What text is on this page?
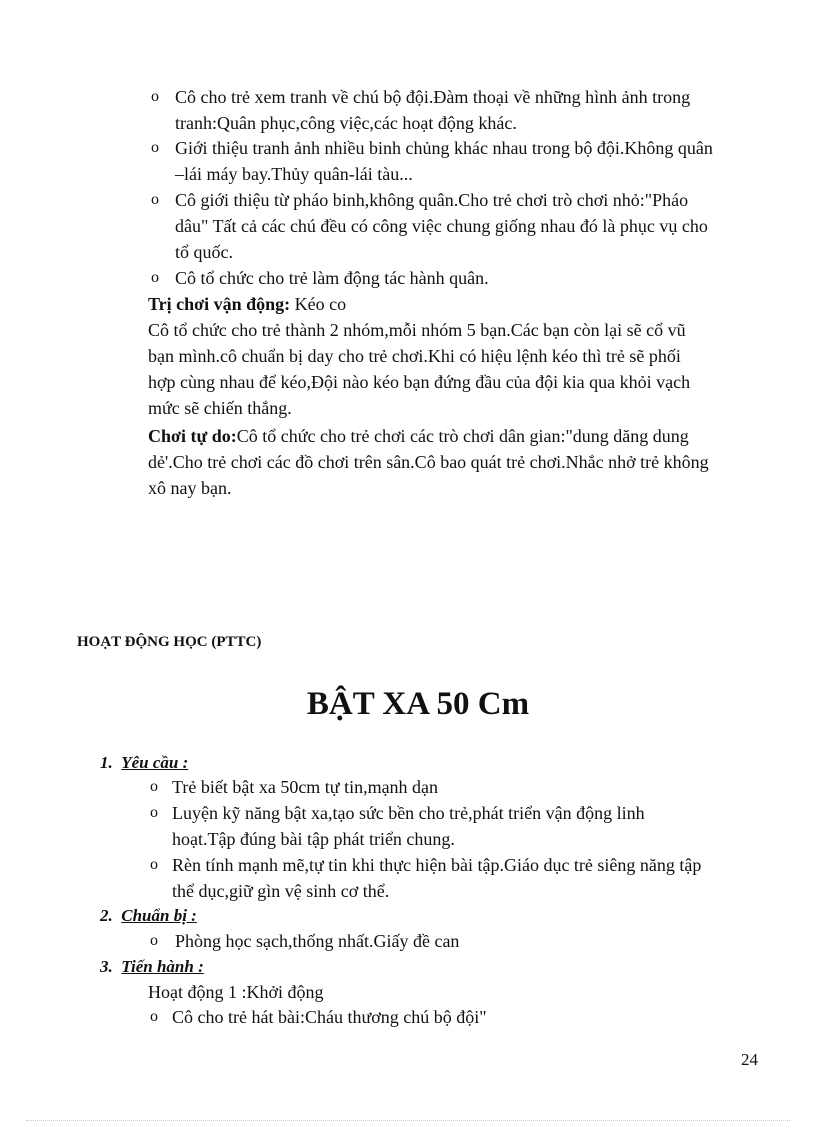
o Cô cho trẻ xem tranh về chú bộ đội.Đàm thoại về những hình ảnh trong
tranh:Quân phục,công việc,các hoạt động khác.
o Giới thiệu tranh ảnh nhiều binh chủng khác nhau trong bộ đội.Không quân
–lái máy bay.Thủy quân-lái tàu...
o Cô giới thiệu từ pháo binh,không quân.Cho trẻ chơi trò chơi nhỏ:"Pháo
dâu" Tất cả các chú đều có công việc chung giống nhau đó là phục vụ cho
tổ quốc.
o Cô tổ chức cho trẻ làm động tác hành quân.
Trị chơi vận động: Kéo co
Cô tổ chức cho trẻ thành 2 nhóm,mỗi nhóm 5 bạn.Các bạn còn lại sẽ cổ vũ
bạn mình.cô chuẩn bị day cho trẻ chơi.Khi có hiệu lệnh kéo thì trẻ sẽ phối
hợp cùng nhau để kéo,Đội nào kéo bạn đứng đầu của đội kia qua khỏi vạch
mức sẽ chiến thắng.
Chơi tự do:Cô tổ chức cho trẻ chơi các trò chơi dân gian:"dung dăng dung
dẻ'.Cho trẻ chơi các đồ chơi trên sân.Cô bao quát trẻ chơi.Nhắc nhở trẻ không
xô nay bạn.
HOẠT ĐỘNG HỌC (PTTC)
BẬT XA 50 Cm
1. Yêu cầu :
o Trẻ biết bật xa 50cm tự tin,mạnh dạn
o Luyện kỹ năng bật xa,tạo sức bền cho trẻ,phát triển vận động linh
hoạt.Tập đúng bài tập phát triển chung.
o Rèn tính mạnh mẽ,tự tin khi thực hiện bài tập.Giáo dục trẻ siêng năng tập
thể dục,giữ gìn vệ sinh cơ thể.
2. Chuẩn bị :
o Phòng học sạch,thống nhất.Giấy đề can
3. Tiến hành :
Hoạt động 1 :Khởi động
o Cô cho trẻ hát bài:Cháu thương chú bộ đội"
24
